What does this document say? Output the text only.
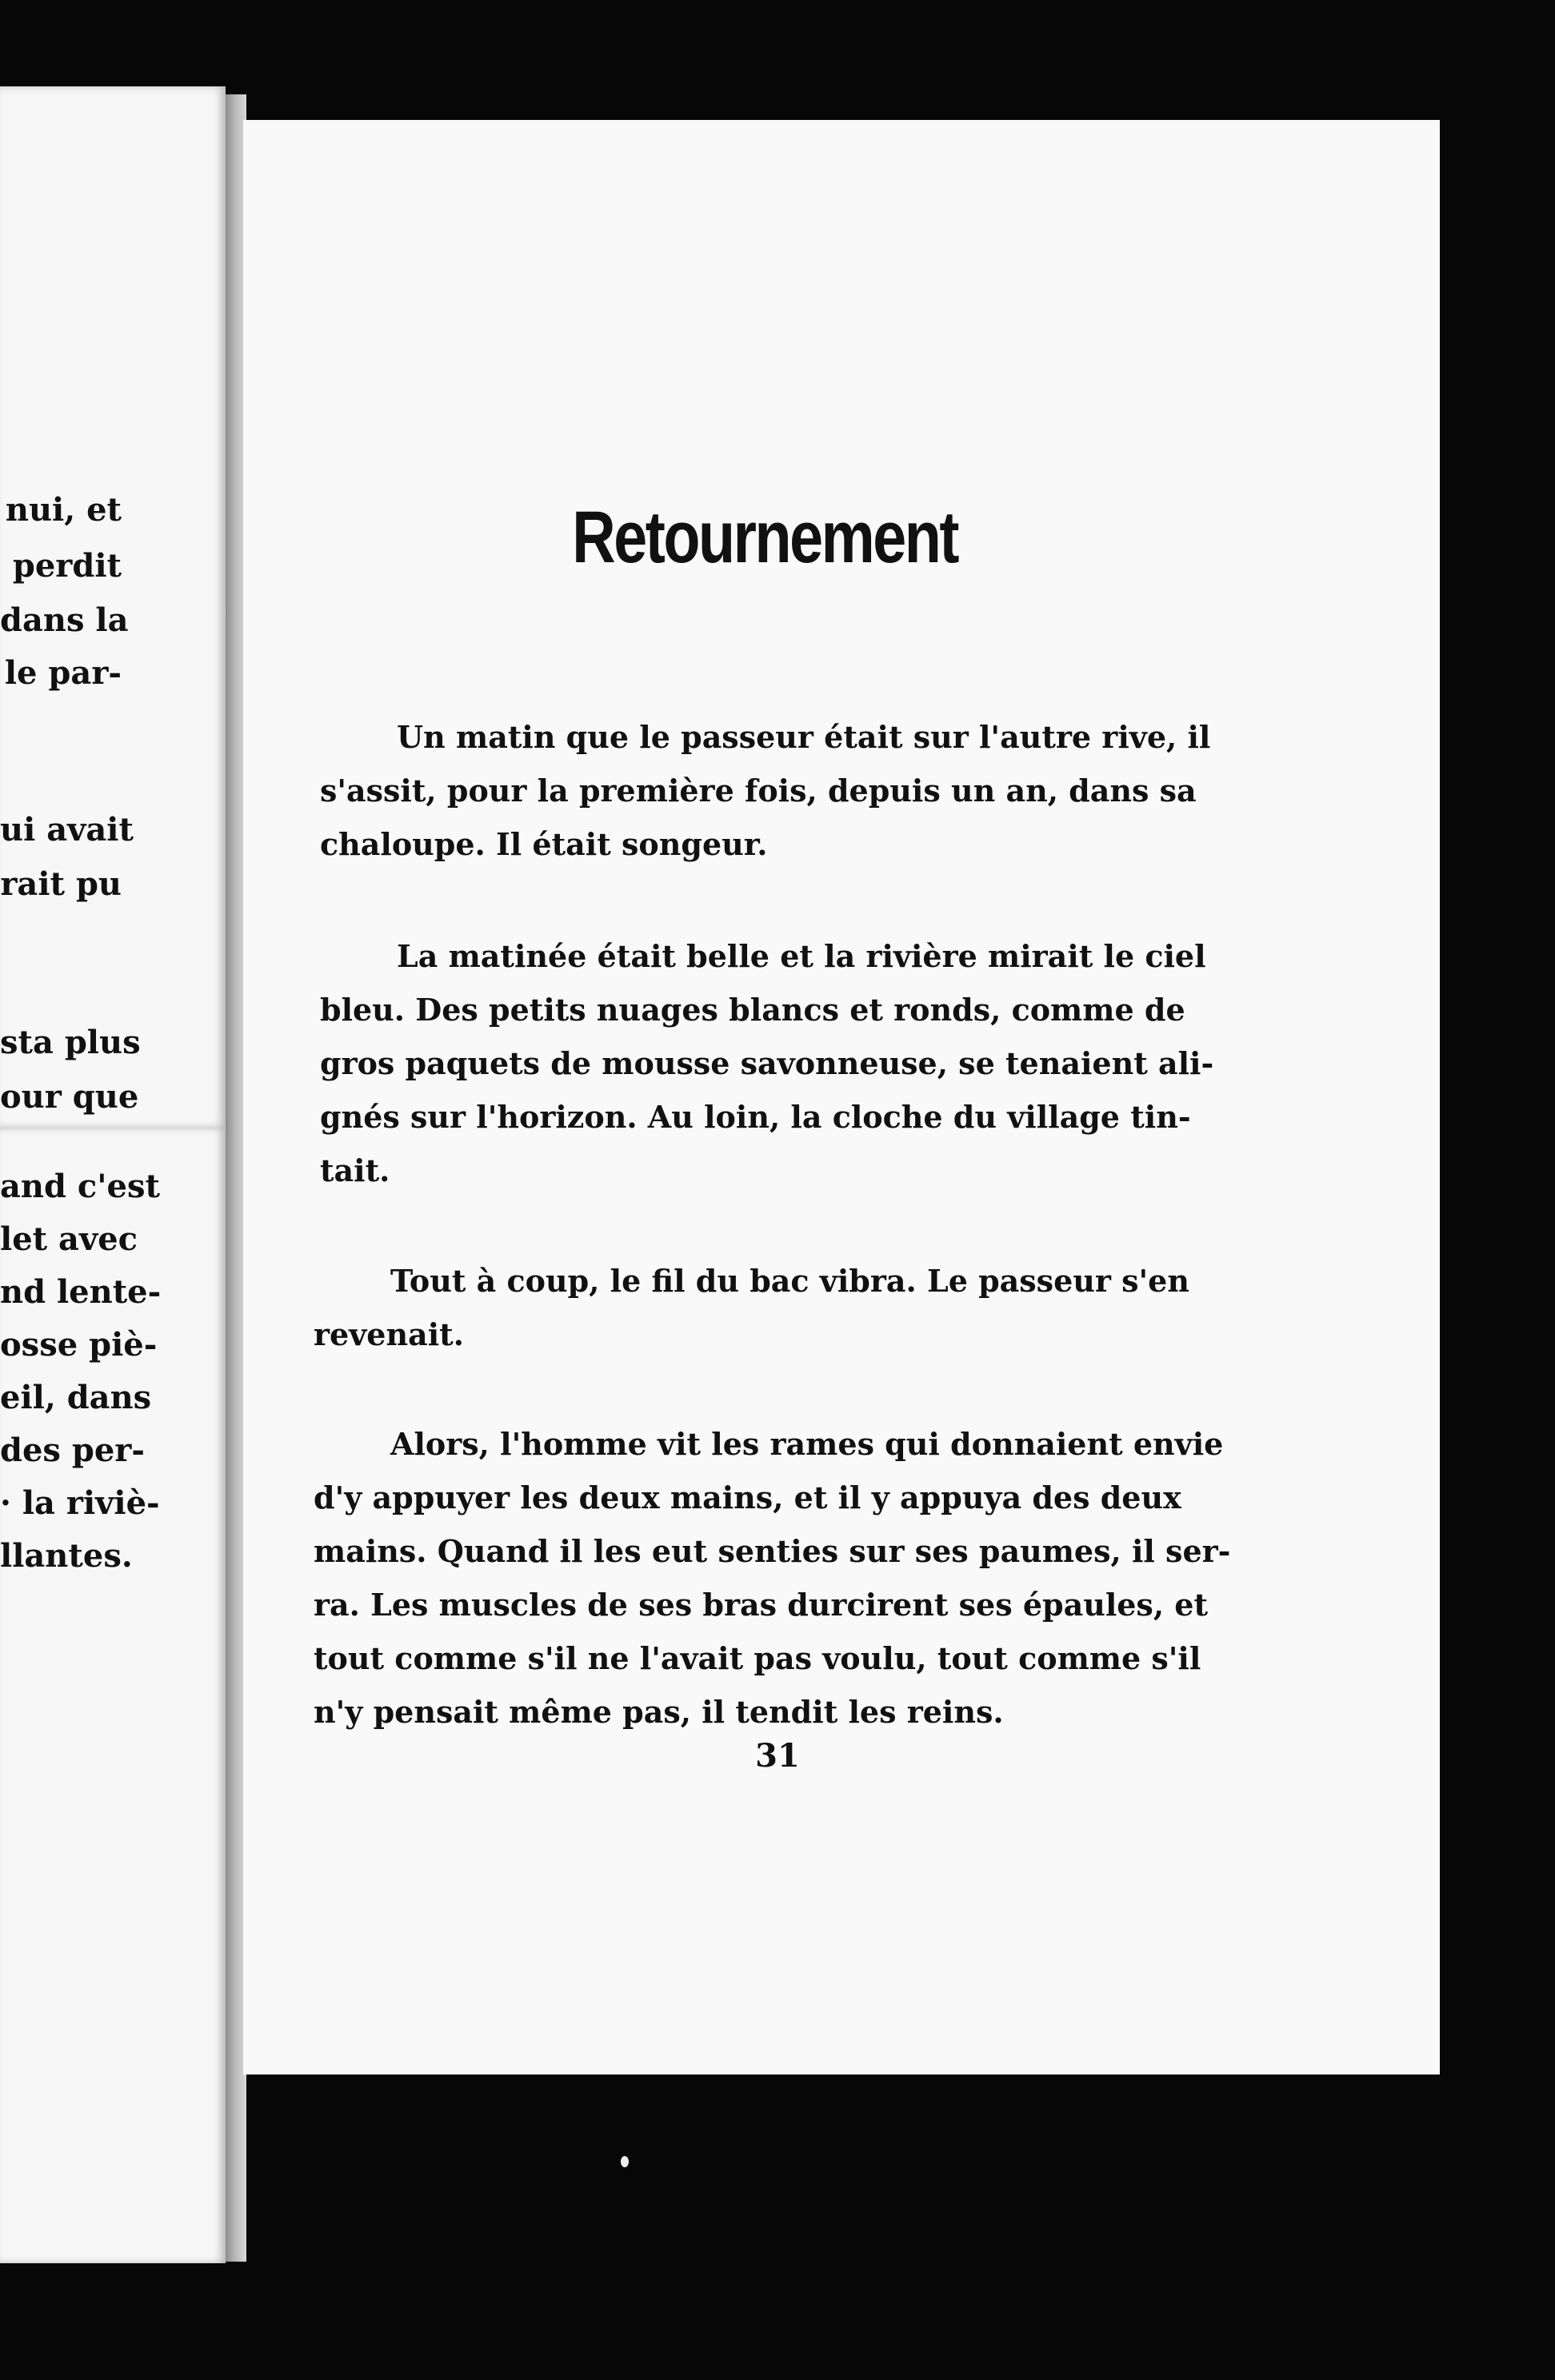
nui, et
perdit
dans la
le par-
ui avait
rait pu
sta plus
our que
and c'est
let avec
nd lente-
osse piè-
eil, dans
des per-
· la riviè-
llantes.
Retournement
Un matin que le passeur était sur l'autre rive, il
s'assit, pour la première fois, depuis un an, dans sa
chaloupe. Il était songeur.
La matinée était belle et la rivière mirait le ciel
bleu. Des petits nuages blancs et ronds, comme de
gros paquets de mousse savonneuse, se tenaient ali-
gnés sur l'horizon. Au loin, la cloche du village tin-
tait.
Tout à coup, le fil du bac vibra. Le passeur s'en
revenait.
Alors, l'homme vit les rames qui donnaient envie
d'y appuyer les deux mains, et il y appuya des deux
mains. Quand il les eut senties sur ses paumes, il ser-
ra. Les muscles de ses bras durcirent ses épaules, et
tout comme s'il ne l'avait pas voulu, tout comme s'il
n'y pensait même pas, il tendit les reins.
31
